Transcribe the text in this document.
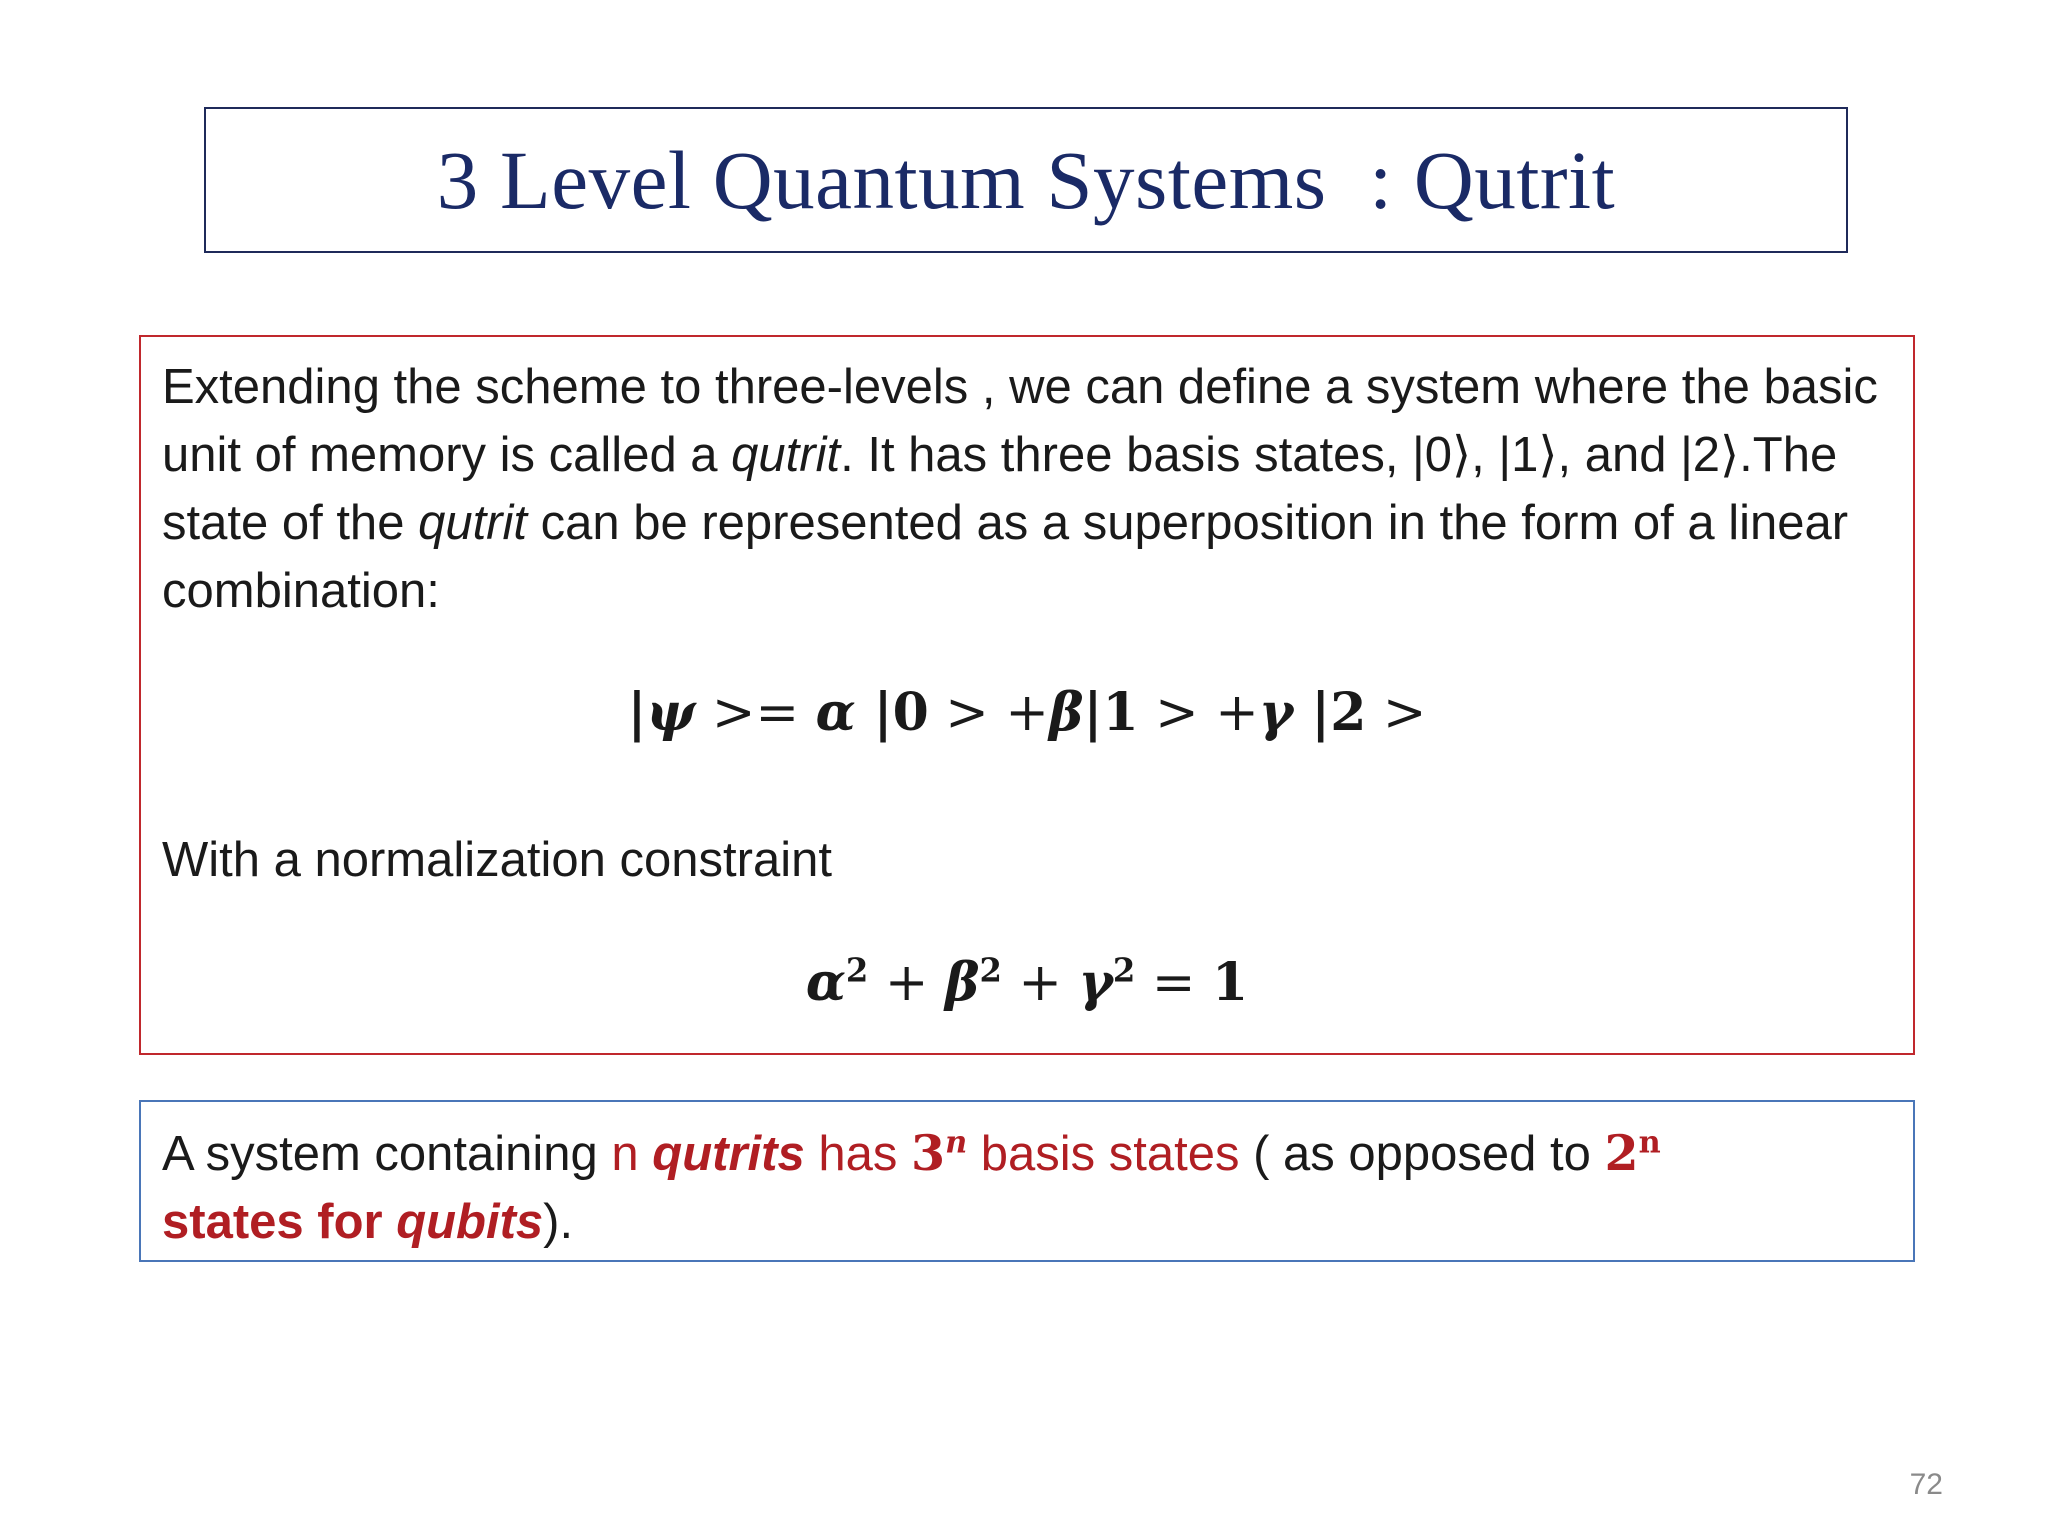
3 Level Quantum Systems  : Qutrit
Extending the scheme to three-levels , we can define a system where the basic unit of memory is called a qutrit. It has three basis states, |0⟩, |1⟩, and |2⟩.The state of the qutrit can be represented as a superposition in the form of a linear combination:
|ψ >= α |0 > +β|1 > +γ |2 >
With a normalization constraint
$\alpha^2 + \beta^2 + \gamma^2 = 1$
A system containing n qutrits has 3$^n$ basis states ( as opposed to 2$^n$
states for qubits).
72
